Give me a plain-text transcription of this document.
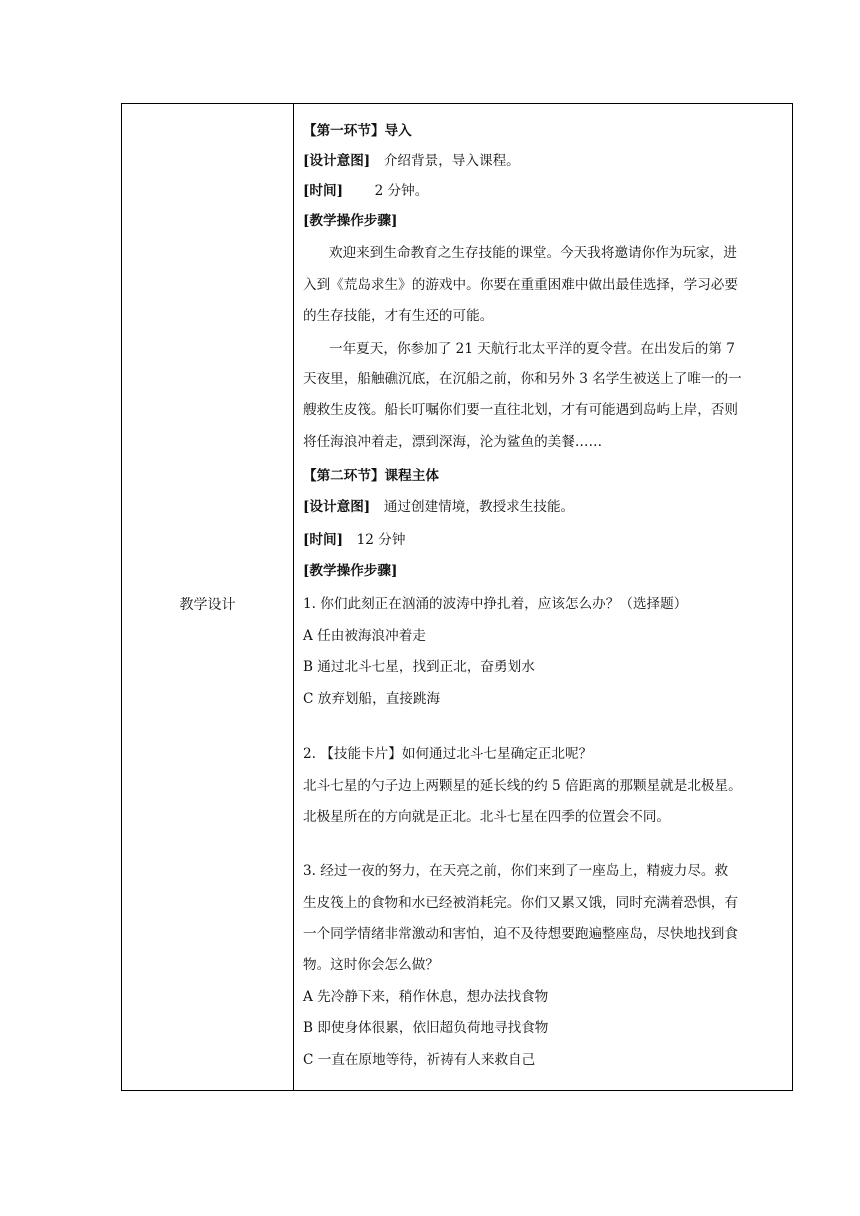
教学设计
【第一环节】导入
[设计意图]　介绍背景，导入课程。
[时间]　　 2 分钟。
[教学操作步骤]
欢迎来到生命教育之生存技能的课堂。今天我将邀请你作为玩家，进
入到《荒岛求生》的游戏中。你要在重重困难中做出最佳选择，学习必要
的生存技能，才有生还的可能。
一年夏天，你参加了 21 天航行北太平洋的夏令营。在出发后的第 7
天夜里，船触礁沉底，在沉船之前，你和另外 3 名学生被送上了唯一的一
艘救生皮筏。船长叮嘱你们要一直往北划，才有可能遇到岛屿上岸，否则
将任海浪冲着走，漂到深海，沦为鲨鱼的美餐……
【第二环节】课程主体
[设计意图]　通过创建情境，教授求生技能。
[时间]　12 分钟
[教学操作步骤]
1. 你们此刻正在汹涌的波涛中挣扎着，应该怎么办？（选择题）
A 任由被海浪冲着走
B 通过北斗七星，找到正北，奋勇划水
C 放弃划船，直接跳海
2. 【技能卡片】如何通过北斗七星确定正北呢？
北斗七星的勺子边上两颗星的延长线的约 5 倍距离的那颗星就是北极星。
北极星所在的方向就是正北。北斗七星在四季的位置会不同。
3. 经过一夜的努力，在天亮之前，你们来到了一座岛上，精疲力尽。救
生皮筏上的食物和水已经被消耗完。你们又累又饿，同时充满着恐惧，有
一个同学情绪非常激动和害怕，迫不及待想要跑遍整座岛，尽快地找到食
物。这时你会怎么做？
A 先冷静下来，稍作休息，想办法找食物
B 即使身体很累，依旧超负荷地寻找食物
C 一直在原地等待，祈祷有人来救自己
